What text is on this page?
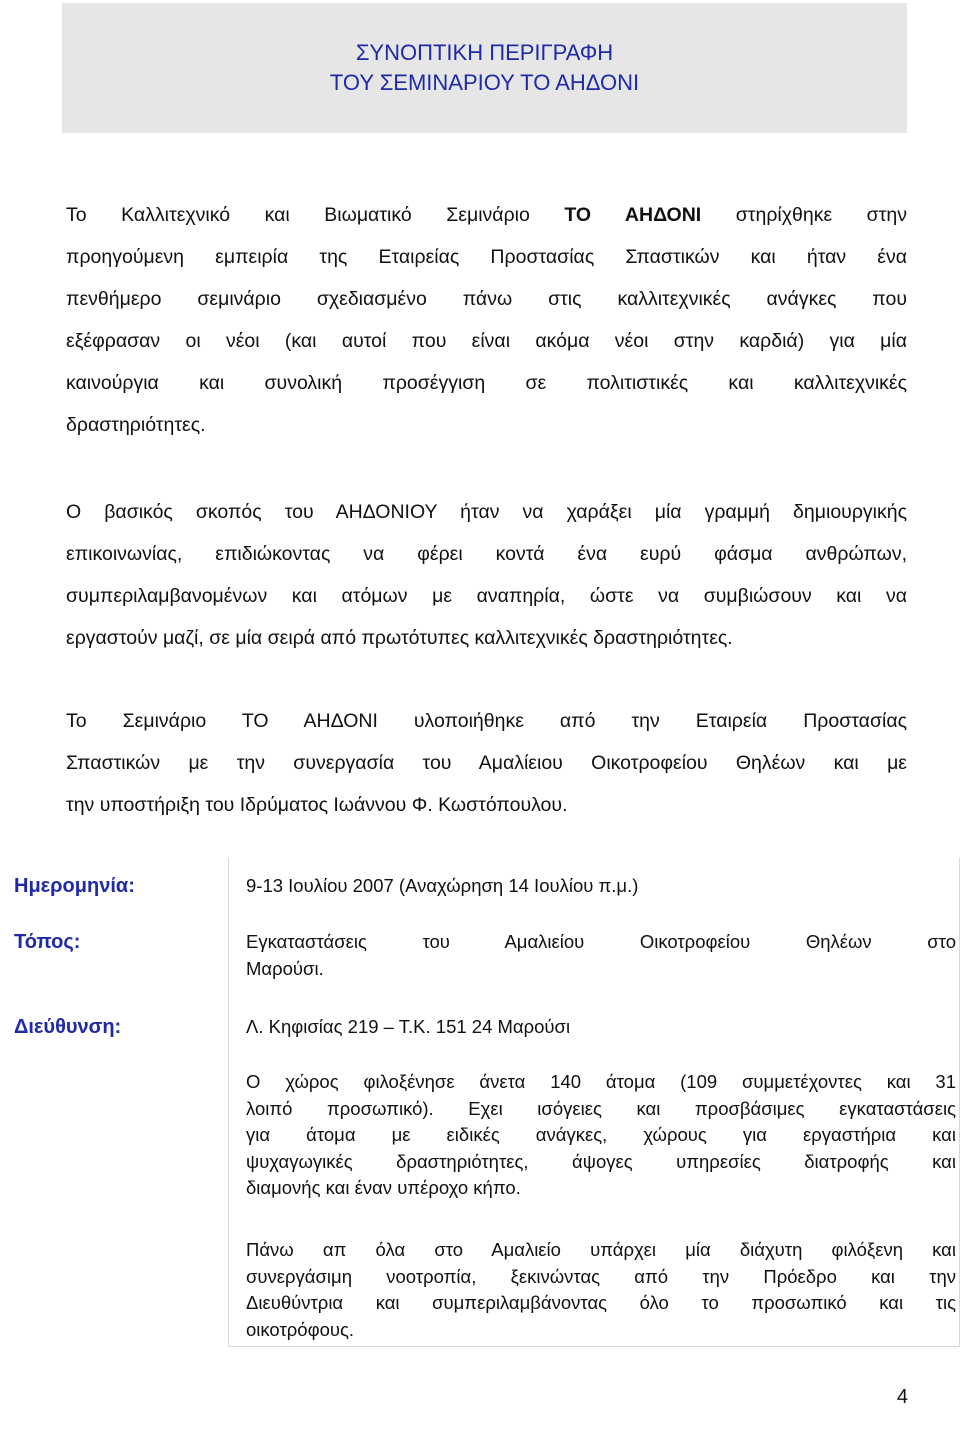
ΣΥΝΟΠΤΙΚΗ ΠΕΡΙΓΡΑΦΗ
ΤΟΥ ΣΕΜΙΝΑΡΙΟΥ ΤΟ ΑΗΔΟΝΙ
Το Καλλιτεχνικό και Βιωματικό Σεμινάριο ΤΟ ΑΗΔΟΝΙ στηρίχθηκε στην
προηγούμενη εμπειρία της Εταιρείας Προστασίας Σπαστικών και ήταν ένα
πενθήμερο σεμινάριο σχεδιασμένο πάνω στις καλλιτεχνικές ανάγκες που
εξέφρασαν οι νέοι (και αυτοί που είναι ακόμα νέοι στην καρδιά) για μία
καινούργια και συνολική προσέγγιση σε πολιτιστικές και καλλιτεχνικές
δραστηριότητες.
Ο βασικός σκοπός του ΑΗΔΟΝΙΟΥ ήταν να χαράξει μία γραμμή δημιουργικής
επικοινωνίας, επιδιώκοντας να φέρει κοντά ένα ευρύ φάσμα ανθρώπων,
συμπεριλαμβανομένων και ατόμων με αναπηρία, ώστε να συμβιώσουν και να
εργαστούν μαζί, σε μία σειρά από πρωτότυπες καλλιτεχνικές δραστηριότητες.
Το Σεμινάριο ΤΟ ΑΗΔΟΝΙ υλοποιήθηκε από την Εταιρεία Προστασίας
Σπαστικών με την συνεργασία του Αμαλίειου Οικοτροφείου Θηλέων και με
την υποστήριξη του Ιδρύματος Ιωάννου Φ. Κωστόπουλου.
Ημερομηνία:	9-13 Ιουλίου 2007 (Αναχώρηση 14 Ιουλίου π.μ.)
Τόπος:	Εγκαταστάσεις του Αμαλιείου Οικοτροφείου Θηλέων στο
Μαρούσι.
Διεύθυνση:	Λ. Κηφισίας 219 – Τ.Κ. 151 24 Μαρούσι
Ο χώρος φιλοξένησε άνετα 140 άτομα (109 συμμετέχοντες και 31
λοιπό προσωπικό). Εχει ισόγειες και προσβάσιμες εγκαταστάσεις
για άτομα με ειδικές ανάγκες, χώρους για εργαστήρια και
ψυχαγωγικές δραστηριότητες, άψογες υπηρεσίες διατροφής και
διαμονής και έναν υπέροχο κήπο.
Πάνω απ όλα στο Αμαλιείο υπάρχει μία διάχυτη φιλόξενη και
συνεργάσιμη νοοτροπία, ξεκινώντας από την Πρόεδρο και την
Διευθύντρια και συμπεριλαμβάνοντας όλο το προσωπικό και τις
οικοτρόφους.
4
